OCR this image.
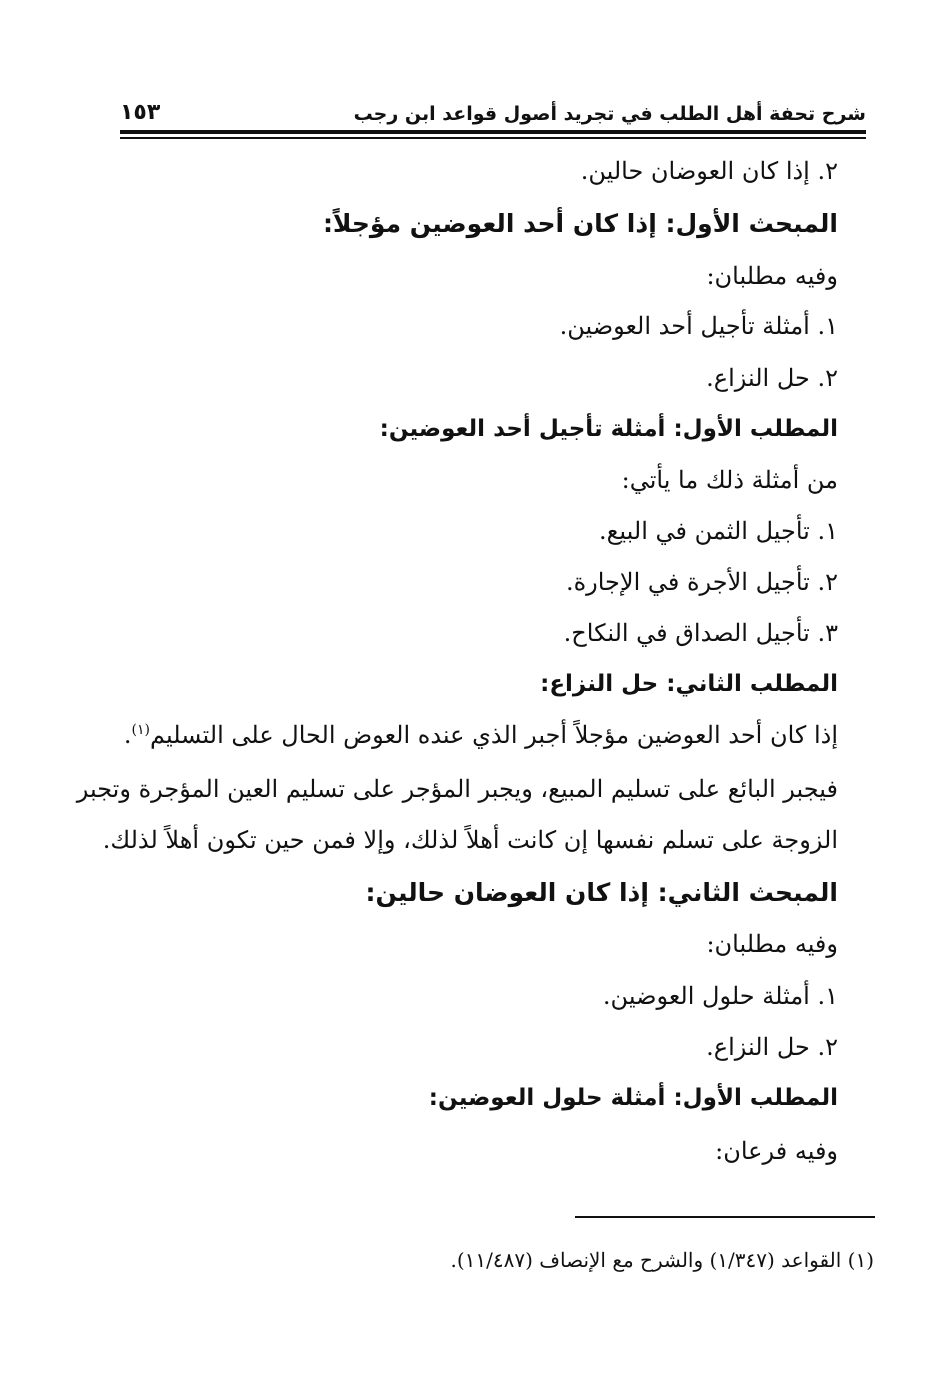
١٥٣	شرح تحفة أهل الطلب في تجريد أصول قواعد ابن رجب
٢. إذا كان العوضان حالين.
المبحث الأول: إذا كان أحد العوضين مؤجلاً:
وفيه مطلبان:
١. أمثلة تأجيل أحد العوضين.
٢. حل النزاع.
المطلب الأول: أمثلة تأجيل أحد العوضين:
من أمثلة ذلك ما يأتي:
١. تأجيل الثمن في البيع.
٢. تأجيل الأجرة في الإجارة.
٣. تأجيل الصداق في النكاح.
المطلب الثاني: حل النزاع:
إذا كان أحد العوضين مؤجلاً أجبر الذي عنده العوض الحال على التسليم$^{(١)}$.
فيجبر البائع على تسليم المبيع، ويجبر المؤجر على تسليم العين المؤجرة وتجبر
الزوجة على تسلم نفسها إن كانت أهلاً لذلك، وإلا فمن حين تكون أهلاً لذلك.
المبحث الثاني: إذا كان العوضان حالين:
وفيه مطلبان:
١. أمثلة حلول العوضين.
٢. حل النزاع.
المطلب الأول: أمثلة حلول العوضين:
وفيه فرعان:
(١) القواعد (١/٣٤٧) والشرح مع الإنصاف (١١/٤٨٧).
